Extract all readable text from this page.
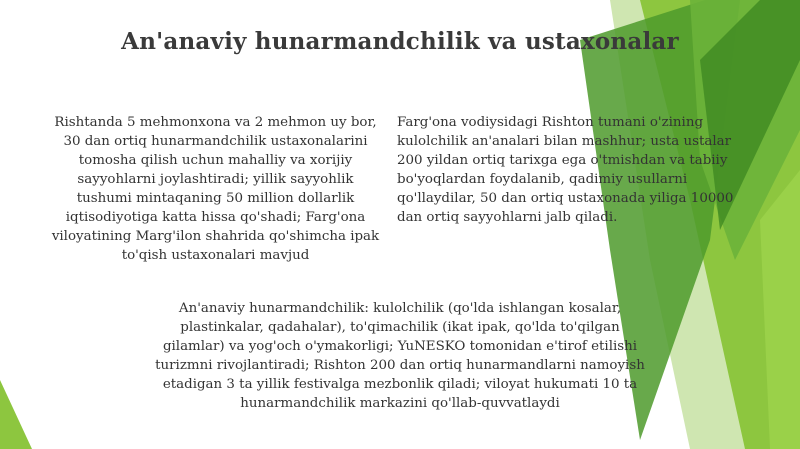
An'anaviy hunarmandchilik va ustaxonalar
Rishtanda 5 mehmonxona va 2 mehmon uy bor, 30 dan ortiq hunarmandchilik ustaxonalarini tomosha qilish uchun mahalliy va xorijiy sayyohlarni joylashtiradi; yillik sayyohlik tushumi mintaqaning 50 million dollarlik iqtisodiyotiga katta hissa qo'shadi; Farg'ona viloyatining Marg'ilon shahrida qo'shimcha ipak to'qish ustaxonalari mavjud
Farg'ona vodiysidagi Rishton tumani o'zining kulolchilik an'analari bilan mashhur; usta ustalar 200 yildan ortiq tarixga ega o'tmishdan va tabiiy bo'yoqlardan foydalanib, qadimiy usullarni qo'llaydilar, 50 dan ortiq ustaxonada yiliga 10000 dan ortiq sayyohlarni jalb qiladi.
An'anaviy hunarmandchilik: kulolchilik (qo'lda ishlangan kosalar, plastinkalar, qadahalar), to'qimachilik (ikat ipak, qo'lda to'qilgan gilamlar) va yog'och o'ymakorligi; YuNESKO tomonidan e'tirof etilishi turizmni rivojlantiradi; Rishton 200 dan ortiq hunarmandlarni namoyish etadigan 3 ta yillik festivalga mezbonlik qiladi; viloyat hukumati 10 ta hunarmandchilik markazini qo'llab-quvvatlaydi
